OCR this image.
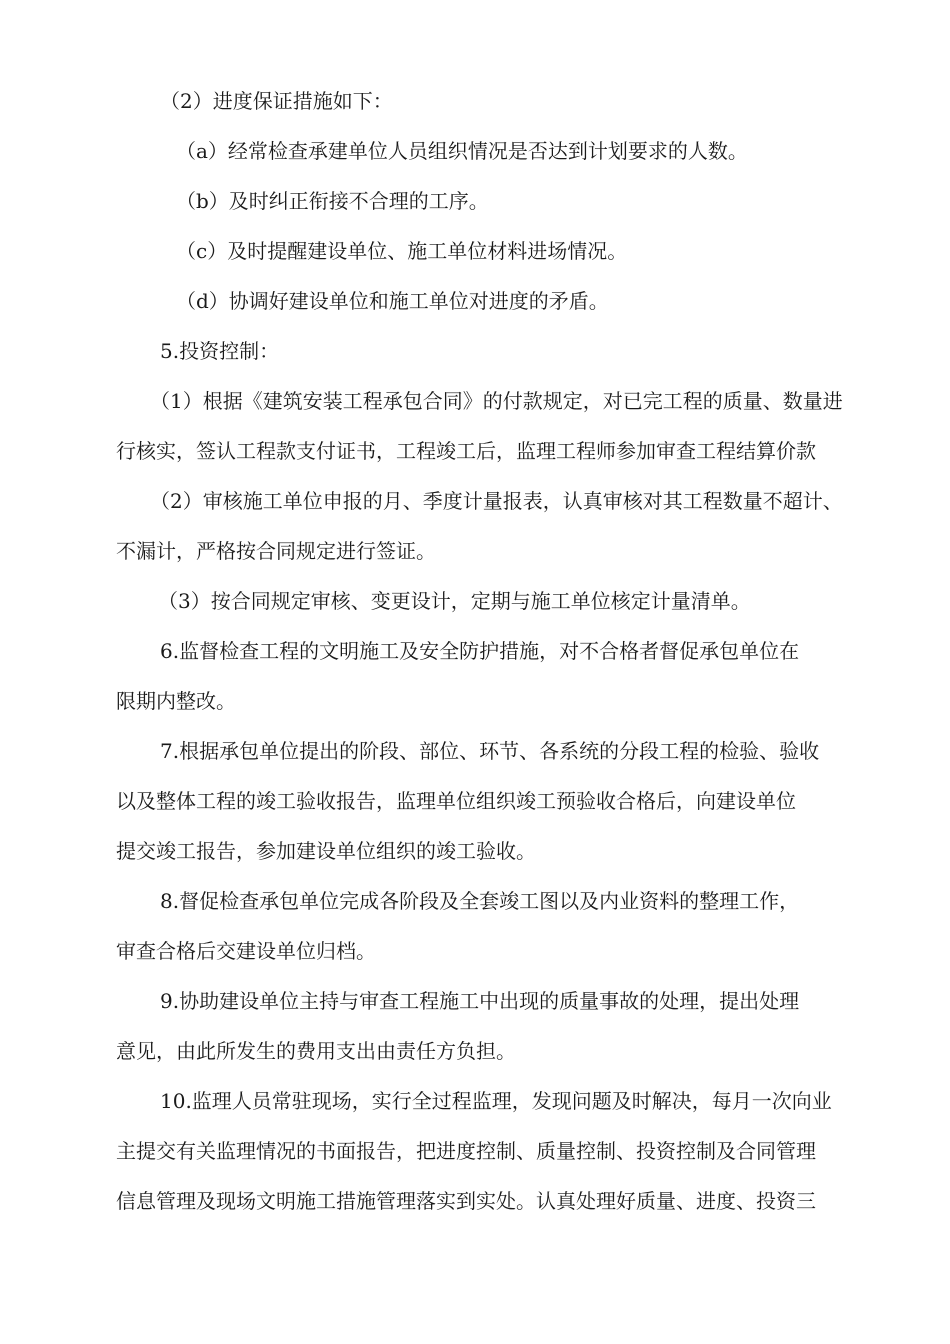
（2）进度保证措施如下：
（a）经常检查承建单位人员组织情况是否达到计划要求的人数。
（b）及时纠正衔接不合理的工序。
（c）及时提醒建设单位、施工单位材料进场情况。
（d）协调好建设单位和施工单位对进度的矛盾。
5.投资控制：
（1）根据《建筑安装工程承包合同》的付款规定，对已完工程的质量、数量进
行核实，签认工程款支付证书，工程竣工后，监理工程师参加审查工程结算价款
（2）审核施工单位申报的月、季度计量报表，认真审核对其工程数量不超计、
不漏计，严格按合同规定进行签证。
（3）按合同规定审核、变更设计，定期与施工单位核定计量清单。
6.监督检查工程的文明施工及安全防护措施，对不合格者督促承包单位在
限期内整改。
7.根据承包单位提出的阶段、部位、环节、各系统的分段工程的检验、验收
以及整体工程的竣工验收报告，监理单位组织竣工预验收合格后，向建设单位
提交竣工报告，参加建设单位组织的竣工验收。
8.督促检查承包单位完成各阶段及全套竣工图以及内业资料的整理工作，
审查合格后交建设单位归档。
9.协助建设单位主持与审查工程施工中出现的质量事故的处理，提出处理
意见，由此所发生的费用支出由责任方负担。
10.监理人员常驻现场，实行全过程监理，发现问题及时解决，每月一次向业
主提交有关监理情况的书面报告，把进度控制、质量控制、投资控制及合同管理
信息管理及现场文明施工措施管理落实到实处。认真处理好质量、进度、投资三
